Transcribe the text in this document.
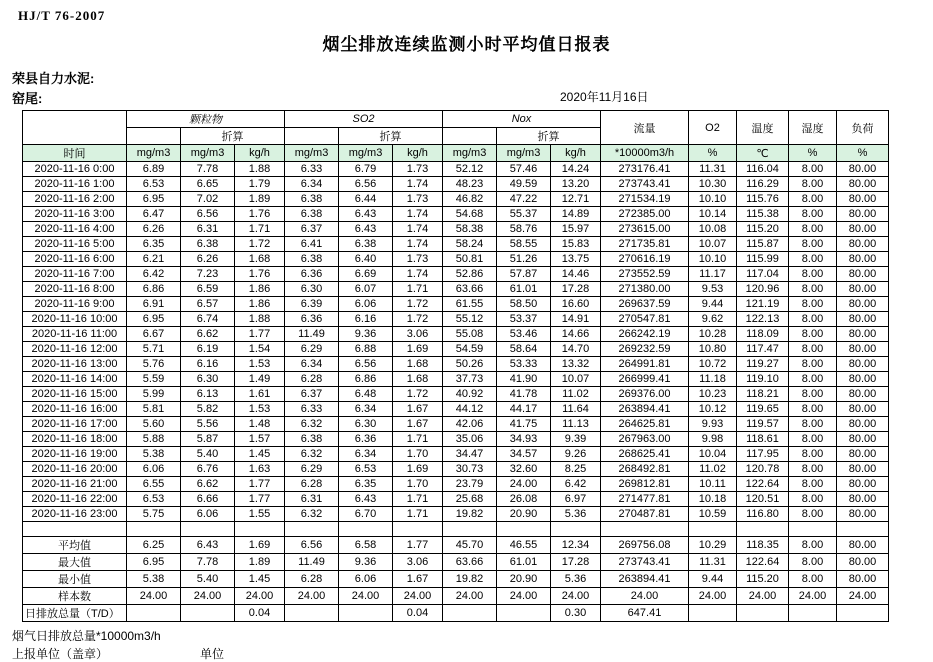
HJ/T 76-2007
烟尘排放连续监测小时平均值日报表
荣县自力水泥:
窑尾:	2020年11月16日
	颗粒物			SO2			Nox			流量	O2	温度	湿度	负荷
		折算			折算			折算						
时间	mg/m3	mg/m3	kg/h	mg/m3	mg/m3	kg/h	mg/m3	mg/m3	kg/h	*10000m3/h	%	℃	%	%
2020-11-16 0:00	6.89	7.78	1.88	6.33	6.79	1.73	52.12	57.46	14.24	273176.41	11.31	116.04	8.00	80.00
2020-11-16 1:00	6.53	6.65	1.79	6.34	6.56	1.74	48.23	49.59	13.20	273743.41	10.30	116.29	8.00	80.00
2020-11-16 2:00	6.95	7.02	1.89	6.38	6.44	1.73	46.82	47.22	12.71	271534.19	10.10	115.76	8.00	80.00
2020-11-16 3:00	6.47	6.56	1.76	6.38	6.43	1.74	54.68	55.37	14.89	272385.00	10.14	115.38	8.00	80.00
2020-11-16 4:00	6.26	6.31	1.71	6.37	6.43	1.74	58.38	58.76	15.97	273615.00	10.08	115.20	8.00	80.00
2020-11-16 5:00	6.35	6.38	1.72	6.41	6.38	1.74	58.24	58.55	15.83	271735.81	10.07	115.87	8.00	80.00
2020-11-16 6:00	6.21	6.26	1.68	6.38	6.40	1.73	50.81	51.26	13.75	270616.19	10.10	115.99	8.00	80.00
2020-11-16 7:00	6.42	7.23	1.76	6.36	6.69	1.74	52.86	57.87	14.46	273552.59	11.17	117.04	8.00	80.00
2020-11-16 8:00	6.86	6.59	1.86	6.30	6.07	1.71	63.66	61.01	17.28	271380.00	9.53	120.96	8.00	80.00
2020-11-16 9:00	6.91	6.57	1.86	6.39	6.06	1.72	61.55	58.50	16.60	269637.59	9.44	121.19	8.00	80.00
2020-11-16 10:00	6.95	6.74	1.88	6.36	6.16	1.72	55.12	53.37	14.91	270547.81	9.62	122.13	8.00	80.00
2020-11-16 11:00	6.67	6.62	1.77	11.49	9.36	3.06	55.08	53.46	14.66	266242.19	10.28	118.09	8.00	80.00
2020-11-16 12:00	5.71	6.19	1.54	6.29	6.88	1.69	54.59	58.64	14.70	269232.59	10.80	117.47	8.00	80.00
2020-11-16 13:00	5.76	6.16	1.53	6.34	6.56	1.68	50.26	53.33	13.32	264991.81	10.72	119.27	8.00	80.00
2020-11-16 14:00	5.59	6.30	1.49	6.28	6.86	1.68	37.73	41.90	10.07	266999.41	11.18	119.10	8.00	80.00
2020-11-16 15:00	5.99	6.13	1.61	6.37	6.48	1.72	40.92	41.78	11.02	269376.00	10.23	118.21	8.00	80.00
2020-11-16 16:00	5.81	5.82	1.53	6.33	6.34	1.67	44.12	44.17	11.64	263894.41	10.12	119.65	8.00	80.00
2020-11-16 17:00	5.60	5.56	1.48	6.32	6.30	1.67	42.06	41.75	11.13	264625.81	9.93	119.57	8.00	80.00
2020-11-16 18:00	5.88	5.87	1.57	6.38	6.36	1.71	35.06	34.93	9.39	267963.00	9.98	118.61	8.00	80.00
2020-11-16 19:00	5.38	5.40	1.45	6.32	6.34	1.70	34.47	34.57	9.26	268625.41	10.04	117.95	8.00	80.00
2020-11-16 20:00	6.06	6.76	1.63	6.29	6.53	1.69	30.73	32.60	8.25	268492.81	11.02	120.78	8.00	80.00
2020-11-16 21:00	6.55	6.62	1.77	6.28	6.35	1.70	23.79	24.00	6.42	269812.81	10.11	122.64	8.00	80.00
2020-11-16 22:00	6.53	6.66	1.77	6.31	6.43	1.71	25.68	26.08	6.97	271477.81	10.18	120.51	8.00	80.00
2020-11-16 23:00	5.75	6.06	1.55	6.32	6.70	1.71	19.82	20.90	5.36	270487.81	10.59	116.80	8.00	80.00

平均值	6.25	6.43	1.69	6.56	6.58	1.77	45.70	46.55	12.34	269756.08	10.29	118.35	8.00	80.00
最大值	6.95	7.78	1.89	11.49	9.36	3.06	63.66	61.01	17.28	273743.41	11.31	122.64	8.00	80.00
最小值	5.38	5.40	1.45	6.28	6.06	1.67	19.82	20.90	5.36	263894.41	9.44	115.20	8.00	80.00
样本数	24.00	24.00	24.00	24.00	24.00	24.00	24.00	24.00	24.00	24.00	24.00	24.00	24.00	24.00
日排放总量（T/D）			0.04			0.04			0.30	647.41				
烟气日排放总量*10000m3/h
上报单位（盖章）	单位
